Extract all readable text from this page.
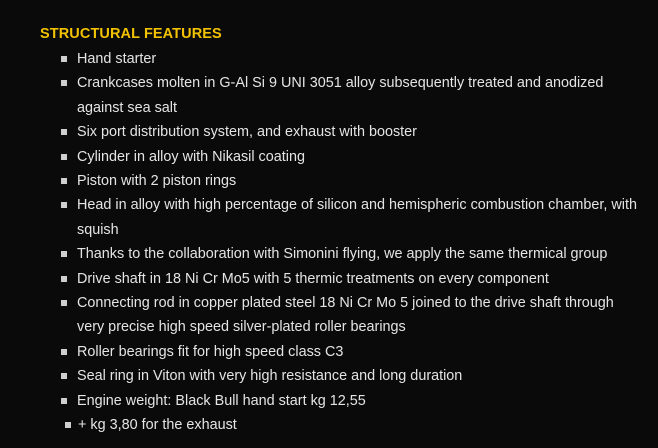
STRUCTURAL FEATURES
Hand starter
Crankcases molten in G-Al Si 9 UNI 3051 alloy subsequently treated and anodized against sea salt
Six port distribution system, and exhaust with booster
Cylinder in alloy with Nikasil coating
Piston with 2 piston rings
Head in alloy with high percentage of silicon and hemispheric combustion chamber, with squish
Thanks to the collaboration with Simonini flying, we apply the same thermical group
Drive shaft in 18 Ni Cr Mo5 with 5 thermic treatments on every component
Connecting rod in copper plated steel 18 Ni Cr Mo 5 joined to the drive shaft through very precise high speed silver-plated roller bearings
Roller bearings fit for high speed class C3
Seal ring in Viton with very high resistance and long duration
Engine weight: Black Bull hand start kg 12,55
+ kg 3,80 for the exhaust
